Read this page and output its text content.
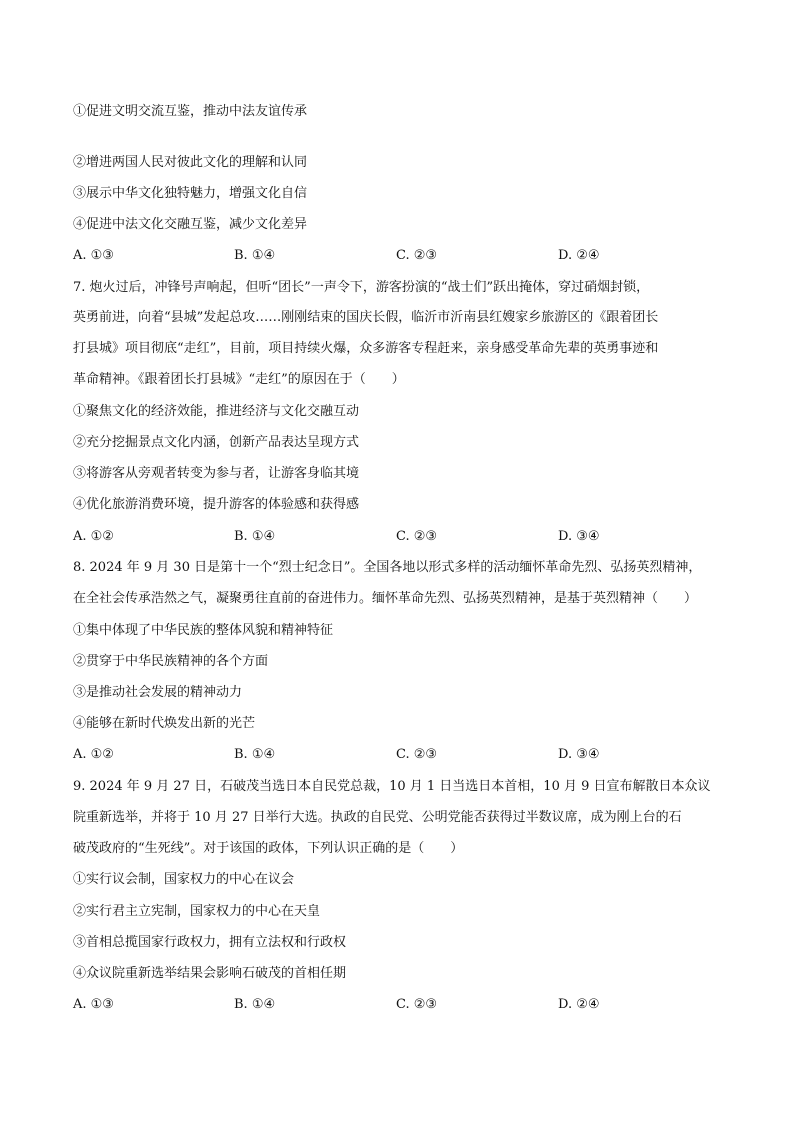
①促进文明交流互鉴，推动中法友谊传承
②增进两国人民对彼此文化的理解和认同
③展示中华文化独特魅力，增强文化自信
④促进中法文化交融互鉴，减少文化差异
A. ①③	B. ①④	C. ②③	D. ②④
7. 炮火过后，冲锋号声响起，但听“团长”一声令下，游客扮演的“战士们”跃出掩体，穿过硝烟封锁，
英勇前进，向着“县城”发起总攻……刚刚结束的国庆长假，临沂市沂南县红嫂家乡旅游区的《跟着团长
打县城》项目彻底“走红”，目前，项目持续火爆，众多游客专程赶来，亲身感受革命先辈的英勇事迹和
革命精神。《跟着团长打县城》“走红”的原因在于（　　）
①聚焦文化的经济效能，推进经济与文化交融互动
②充分挖掘景点文化内涵，创新产品表达呈现方式
③将游客从旁观者转变为参与者，让游客身临其境
④优化旅游消费环境，提升游客的体验感和获得感
A. ①②	B. ①④	C. ②③	D. ③④
8. 2024 年 9 月 30 日是第十一个“烈士纪念日”。全国各地以形式多样的活动缅怀革命先烈、弘扬英烈精神，
在全社会传承浩然之气，凝聚勇往直前的奋进伟力。缅怀革命先烈、弘扬英烈精神，是基于英烈精神（　　）
①集中体现了中华民族的整体风貌和精神特征
②贯穿于中华民族精神的各个方面
③是推动社会发展的精神动力
④能够在新时代焕发出新的光芒
A. ①②	B. ①④	C. ②③	D. ③④
9. 2024 年 9 月 27 日，石破茂当选日本自民党总裁，10 月 1 日当选日本首相，10 月 9 日宣布解散日本众议
院重新选举，并将于 10 月 27 日举行大选。执政的自民党、公明党能否获得过半数议席，成为刚上台的石
破茂政府的“生死线”。对于该国的政体，下列认识正确的是（　　）
①实行议会制，国家权力的中心在议会
②实行君主立宪制，国家权力的中心在天皇
③首相总揽国家行政权力，拥有立法权和行政权
④众议院重新选举结果会影响石破茂的首相任期
A. ①③	B. ①④	C. ②③	D. ②④
